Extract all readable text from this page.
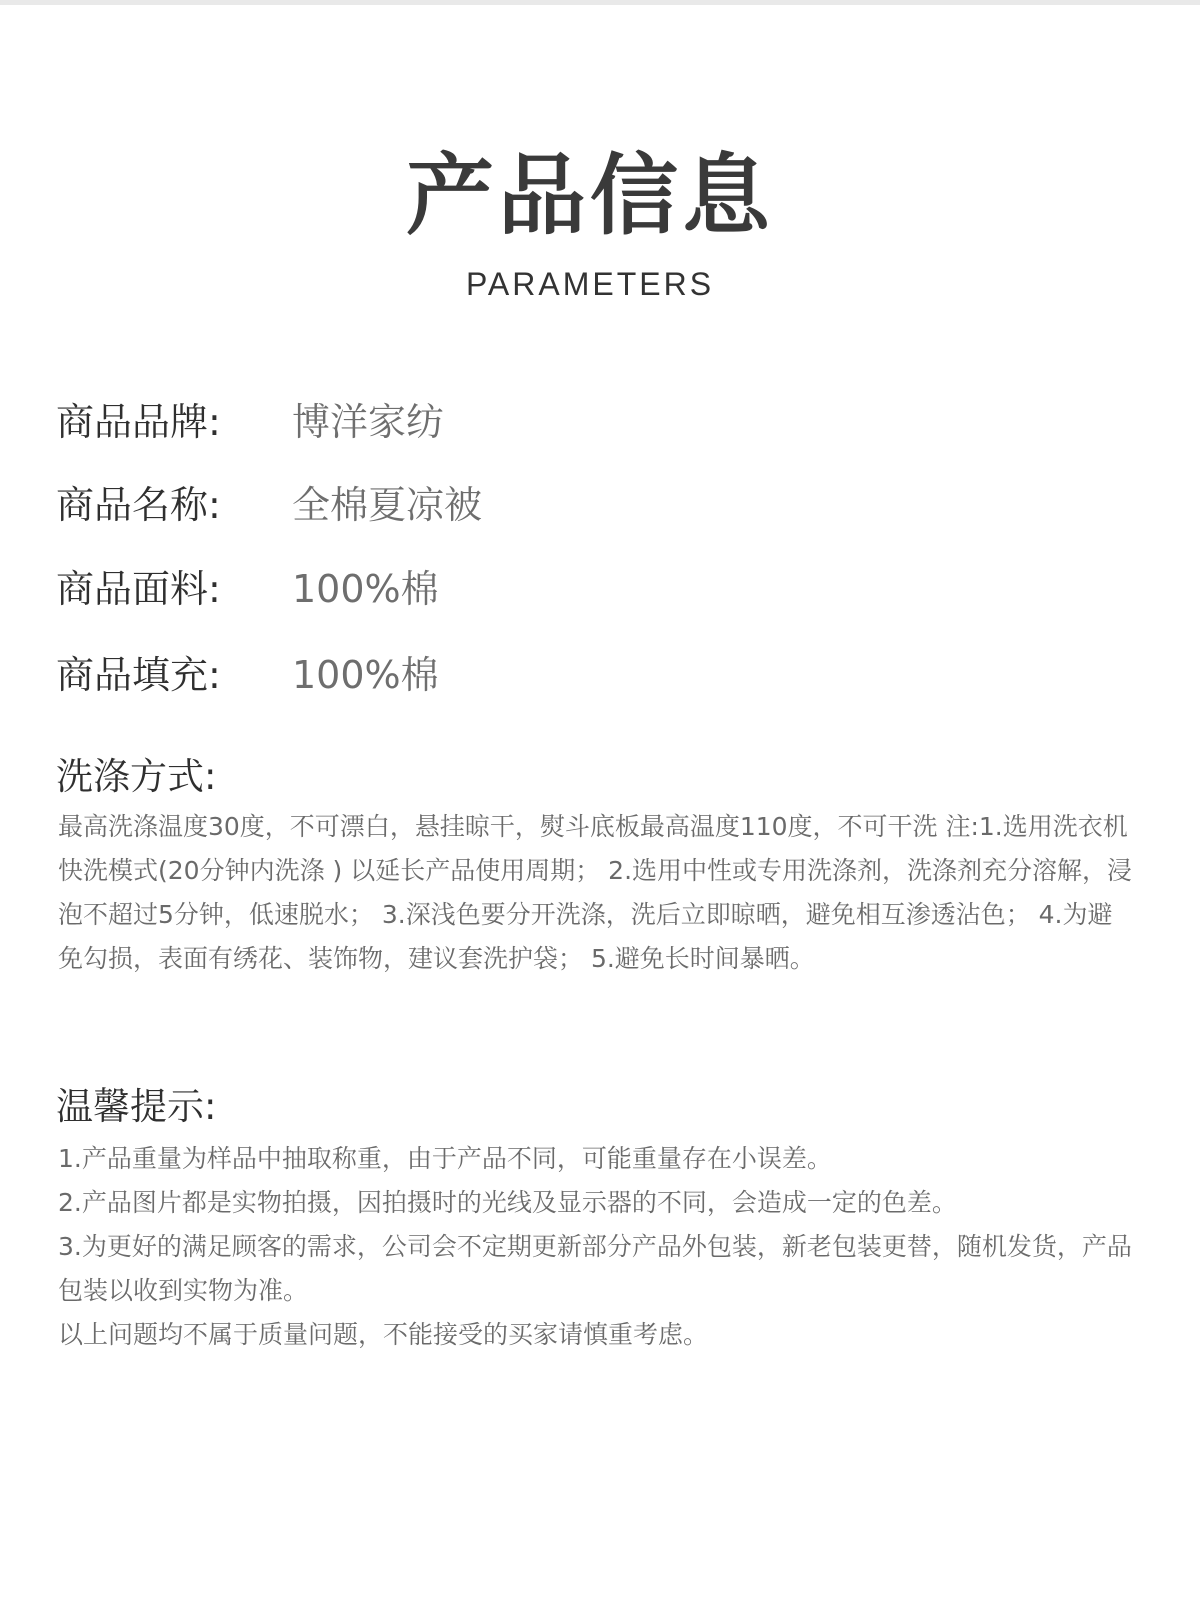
产品信息
PARAMETERS
商品品牌: 博洋家纺
商品名称: 全棉夏凉被
商品面料: 100%棉
商品填充: 100%棉
洗涤方式:
最高洗涤温度30度，不可漂白，悬挂晾干，熨斗底板最高温度110度，不可干洗 注:1.选用洗衣机快洗模式(20分钟内洗涤 ) 以延长产品使用周期； 2.选用中性或专用洗涤剂，洗涤剂充分溶解，浸泡不超过5分钟，低速脱水； 3.深浅色要分开洗涤，洗后立即晾晒，避免相互渗透沾色； 4.为避免勾损，表面有绣花、装饰物，建议套洗护袋； 5.避免长时间暴晒。
温馨提示:
1.产品重量为样品中抽取称重，由于产品不同，可能重量存在小误差。
2.产品图片都是实物拍摄，因拍摄时的光线及显示器的不同，会造成一定的色差。
3.为更好的满足顾客的需求，公司会不定期更新部分产品外包装，新老包装更替，随机发货，产品包装以收到实物为准。
以上问题均不属于质量问题，不能接受的买家请慎重考虑。
